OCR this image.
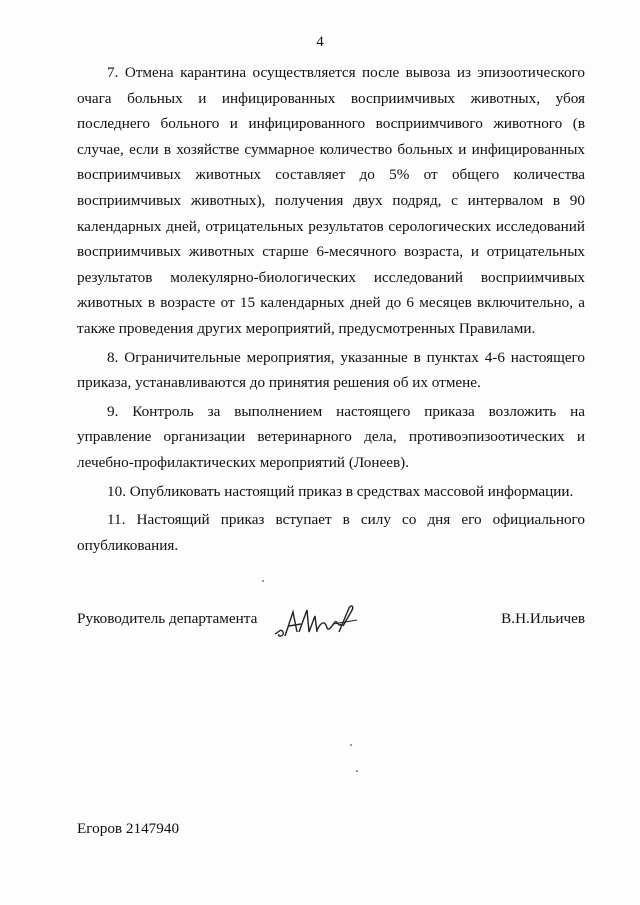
4

7. Отмена карантина осуществляется после вывоза из эпизоотического очага больных и инфицированных восприимчивых животных, убоя последнего больного и инфицированного восприимчивого животного (в случае, если в хозяйстве суммарное количество больных и инфицированных восприимчивых животных составляет до 5% от общего количества восприимчивых животных), получения двух подряд, с интервалом в 90 календарных дней, отрицательных результатов серологических исследований восприимчивых животных старше 6-месячного возраста, и отрицательных результатов молекулярно-биологических исследований восприимчивых животных в возрасте от 15 календарных дней до 6 месяцев включительно, а также проведения других мероприятий, предусмотренных Правилами.

8. Ограничительные мероприятия, указанные в пунктах 4-6 настоящего приказа, устанавливаются до принятия решения об их отмене.

9. Контроль за выполнением настоящего приказа возложить на управление организации ветеринарного дела, противоэпизоотических и лечебно-профилактических мероприятий (Лонеев).

10. Опубликовать настоящий приказ в средствах массовой информации.

11. Настоящий приказ вступает в силу со дня его официального опубликования.

Руководитель департамента	В.Н.Ильичев
Егоров 2147940
